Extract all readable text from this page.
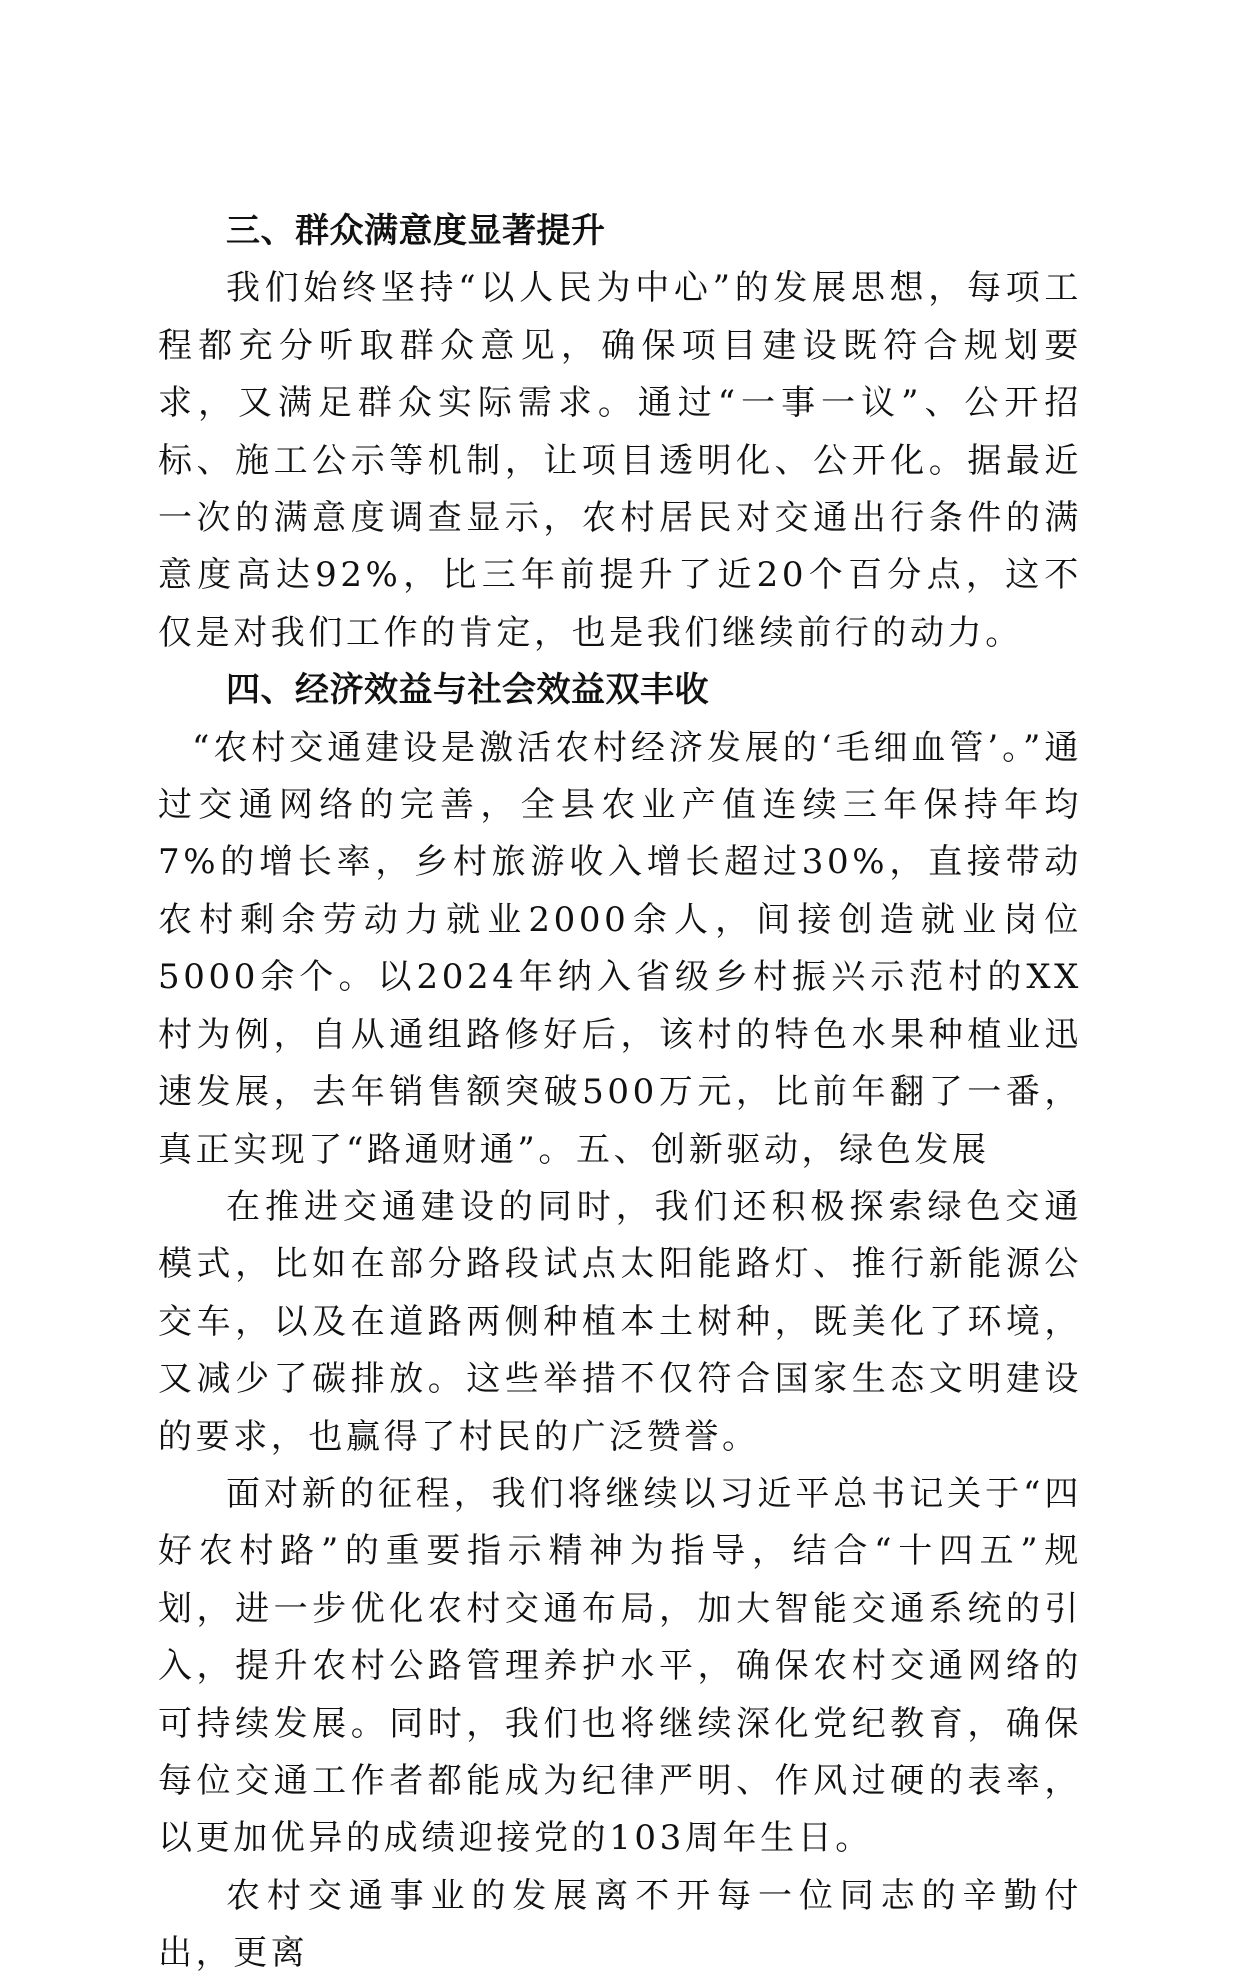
三、群众满意度显著提升

我们始终坚持“以人民为中心”的发展思想，每项工程都充分听取群众意见，确保项目建设既符合规划要求，又满足群众实际需求。通过“一事一议”、公开招标、施工公示等机制，让项目透明化、公开化。据最近一次的满意度调查显示，农村居民对交通出行条件的满意度高达92%，比三年前提升了近20个百分点，这不仅是对我们工作的肯定，也是我们继续前行的动力。

四、经济效益与社会效益双丰收

“农村交通建设是激活农村经济发展的‘毛细血管’。”通过交通网络的完善，全县农业产值连续三年保持年均7%的增长率，乡村旅游收入增长超过30%，直接带动农村剩余劳动力就业2000余人，间接创造就业岗位5000余个。以2024年纳入省级乡村振兴示范村的XX村为例，自从通组路修好后，该村的特色水果种植业迅速发展，去年销售额突破500万元，比前年翻了一番，真正实现了“路通财通”。五、创新驱动，绿色发展

在推进交通建设的同时，我们还积极探索绿色交通模式，比如在部分路段试点太阳能路灯、推行新能源公交车，以及在道路两侧种植本土树种，既美化了环境，又减少了碳排放。这些举措不仅符合国家生态文明建设的要求，也赢得了村民的广泛赞誉。

面对新的征程，我们将继续以习近平总书记关于“四好农村路”的重要指示精神为指导，结合“十四五”规划，进一步优化农村交通布局，加大智能交通系统的引入，提升农村公路管理养护水平，确保农村交通网络的可持续发展。同时，我们也将继续深化党纪教育，确保每位交通工作者都能成为纪律严明、作风过硬的表率，以更加优异的成绩迎接党的103周年生日。

农村交通事业的发展离不开每一位同志的辛勤付出，更离
